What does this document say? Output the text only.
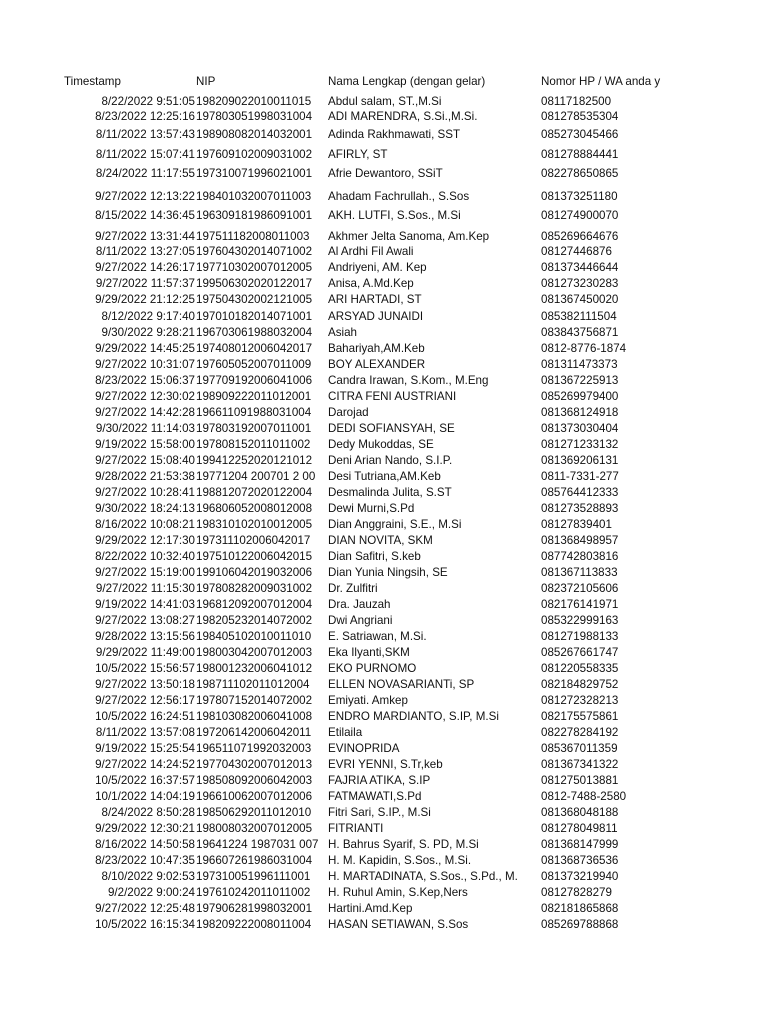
Timestamp	NIP	Nama Lengkap (dengan gelar)	Nomor HP / WA anda y
8/22/2022 9:51:05 198209022010011015	Abdul salam, ST.,M.Si	08117182500
8/23/2022 12:25:16 197803051998031004	ADI MARENDRA, S.Si.,M.Si.	081278535304
8/11/2022 13:57:43 198908082014032001	Adinda Rakhmawati, SST	085273045466
8/11/2022 15:07:41 197609102009031002	AFIRLY, ST	081278884441
8/24/2022 11:17:55 197310071996021001	Afrie Dewantoro, SSiT	082278650865
9/27/2022 12:13:22 198401032007011003	Ahadam Fachrullah., S.Sos	081373251180
8/15/2022 14:36:45 196309181986091001	AKH. LUTFI, S.Sos., M.Si	081274900070
9/27/2022 13:31:44 197511182008011003	Akhmer Jelta Sanoma, Am.Kep	085269664676
8/11/2022 13:27:05 197604302014071002	Al Ardhi Fil Awali	08127446876
9/27/2022 14:26:17 197710302007012005	Andriyeni, AM. Kep	081373446644
9/27/2022 11:57:37 199506302020122017	Anisa, A.Md.Kep	081273230283
9/29/2022 21:12:25 197504302002121005	ARI HARTADI, ST	081367450020
8/12/2022 9:17:40 197010182014071001	ARSYAD JUNAIDI	085382111504
9/30/2022 9:28:21 196703061988032004	Asiah	083843756871
9/29/2022 14:45:25 197408012006042017	Bahariyah,AM.Keb	0812-8776-1874
9/27/2022 10:31:07 197605052007011009	BOY ALEXANDER	081311473373
8/23/2022 15:06:37 197709192006041006	Candra Irawan, S.Kom., M.Eng	081367225913
9/27/2022 12:30:02 198909222011012001	CITRA FENI AUSTRIANI	085269979400
9/27/2022 14:42:28 196611091988031004	Darojad	081368124918
9/30/2022 11:14:03 197803192007011001	DEDI SOFIANSYAH, SE	081373030404
9/19/2022 15:58:00 197808152011011002	Dedy Mukoddas, SE	081271233132
9/27/2022 15:08:40 199412252020121012	Deni Arian Nando, S.I.P.	081369206131
9/28/2022 21:53:38 19771204 200701 2 00	Desi Tutriana,AM.Keb	0811-7331-277
9/27/2022 10:28:41 198812072020122004	Desmalinda Julita, S.ST	085764412333
9/30/2022 18:24:13 196806052008012008	Dewi Murni,S.Pd	081273528893
8/16/2022 10:08:21 198310102010012005	Dian Anggraini, S.E., M.Si	08127839401
9/29/2022 12:17:30 197311102006042017	DIAN NOVITA, SKM	081368498957
8/22/2022 10:32:40 197510122006042015	Dian Safitri, S.keb	087742803816
9/27/2022 15:19:00 199106042019032006	Dian Yunia Ningsih, SE	081367113833
9/27/2022 11:15:30 197808282009031002	Dr. Zulfitri	082372105606
9/19/2022 14:41:03 196812092007012004	Dra. Jauzah	082176141971
9/27/2022 13:08:27 198205232014072002	Dwi Angriani	085322999163
9/28/2022 13:15:56 198405102010011010	E. Satriawan, M.Si.	081271988133
9/29/2022 11:49:00 198003042007012003	Eka Ilyanti,SKM	085267661747
10/5/2022 15:56:57 198001232006041012	EKO PURNOMO	081220558335
9/27/2022 13:50:18 198711102011012004	ELLEN NOVASARIANTi, SP	082184829752
9/27/2022 12:56:17 197807152014072002	Emiyati. Amkep	081272328213
10/5/2022 16:24:51 198103082006041008	ENDRO MARDIANTO, S.IP, M.Si	082175575861
8/11/2022 13:57:08 197206142006042011	Etilaila	082278284192
9/19/2022 15:25:54 196511071992032003	EVINOPRIDA	085367011359
9/27/2022 14:24:52 197704302007012013	EVRI YENNI, S.Tr,keb	081367341322
10/5/2022 16:37:57 198508092006042003	FAJRIA ATIKA, S.IP	081275013881
10/1/2022 14:04:19 196610062007012006	FATMAWATI,S.Pd	0812-7488-2580
8/24/2022 8:50:28 198506292011012010	Fitri Sari, S.IP., M.Si	081368048188
9/29/2022 12:30:21 198008032007012005	FITRIANTI	081278049811
8/16/2022 14:50:58 19641224 1987031 007 H. Bahrus Syarif, S. PD, M.Si	081368147999
8/23/2022 10:47:35 196607261986031004	H. M. Kapidin, S.Sos., M.Si.	081368736536
8/10/2022 9:02:53 197310051996111001	H. MARTADINATA, S.Sos., S.Pd., M.	081373219940
9/2/2022 9:00:24 197610242011011002	H. Ruhul Amin, S.Kep,Ners	08127828279
9/27/2022 12:25:48 197906281998032001	Hartini.Amd.Kep	082181865868
10/5/2022 16:15:34 198209222008011004	HASAN SETIAWAN, S.Sos	085269788868
